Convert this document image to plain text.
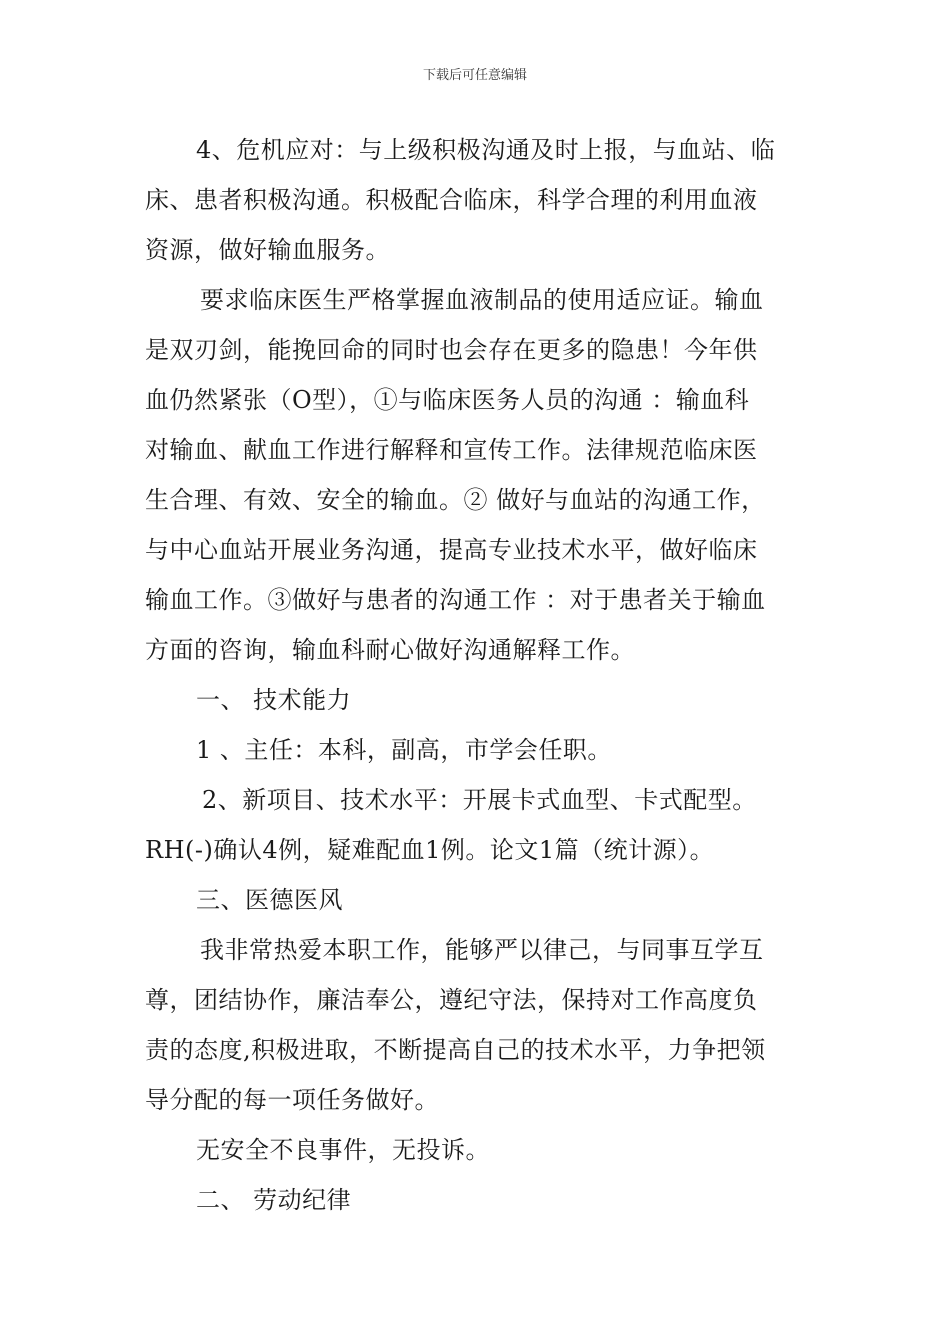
下载后可任意编辑
4、危机应对：与上级积极沟通及时上报，与血站、临
床、患者积极沟通。积极配合临床，科学合理的利用血液
资源，做好输血服务。
要求临床医生严格掌握血液制品的使用适应证。输血
是双刃剑，能挽回命的同时也会存在更多的隐患！今年供
血仍然紧张（O型），①与临床医务人员的沟通 ：输血科
对输血、献血工作进行解释和宣传工作。法律规范临床医
生合理、有效、安全的输血。② 做好与血站的沟通工作，
与中心血站开展业务沟通，提高专业技术水平，做好临床
输血工作。③做好与患者的沟通工作 ：对于患者关于输血
方面的咨询，输血科耐心做好沟通解释工作。
一、 技术能力
1 、主任：本科，副高，市学会任职。
2、新项目、技术水平：开展卡式血型、卡式配型。
RH(-)确认4例，疑难配血1例。论文1篇（统计源）。
三、医德医风
我非常热爱本职工作，能够严以律己，与同事互学互
尊，团结协作，廉洁奉公，遵纪守法，保持对工作高度负
责的态度,积极进取，不断提高自己的技术水平，力争把领
导分配的每一项任务做好。
无安全不良事件，无投诉。
二、 劳动纪律
